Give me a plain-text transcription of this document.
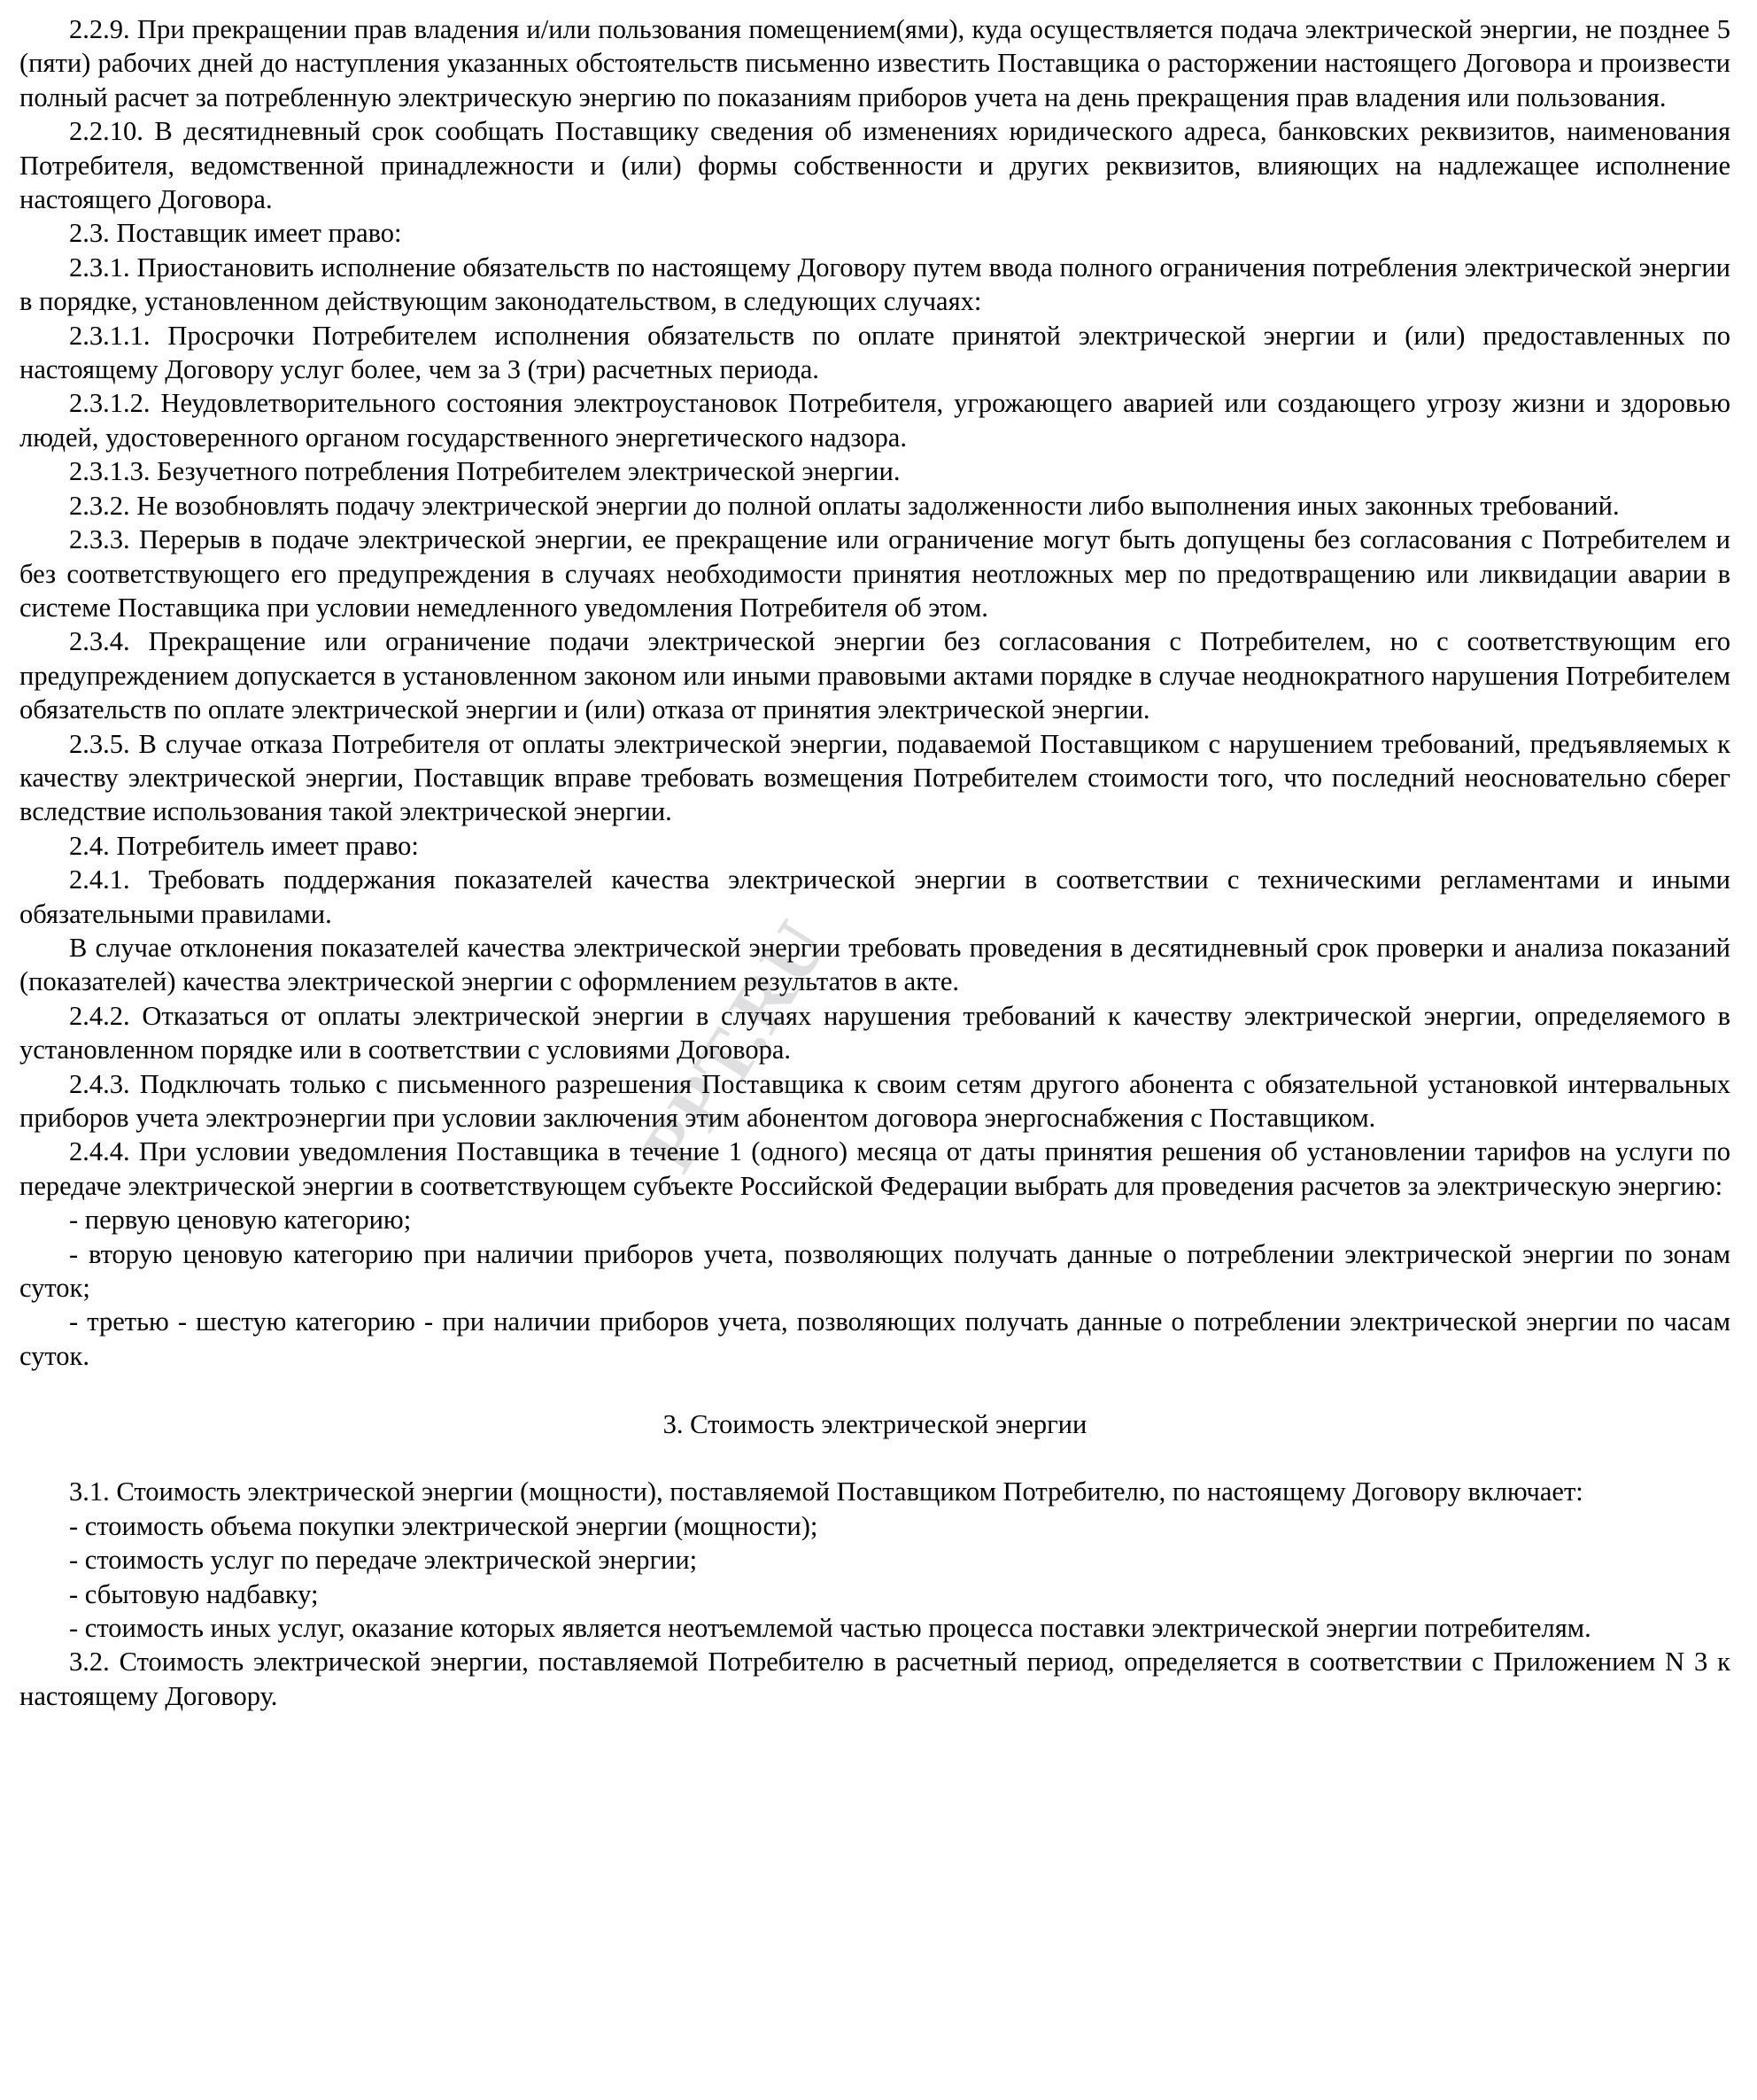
PPT.RU

2.2.9. При прекращении прав владения и/или пользования помещением(ями), куда осуществляется подача электрической энергии, не позднее 5 (пяти) рабочих дней до наступления указанных обстоятельств письменно известить Поставщика о расторжении настоящего Договора и произвести полный расчет за потребленную электрическую энергию по показаниям приборов учета на день прекращения прав владения или пользования.

2.2.10. В десятидневный срок сообщать Поставщику сведения об изменениях юридического адреса, банковских реквизитов, наименования Потребителя, ведомственной принадлежности и (или) формы собственности и других реквизитов, влияющих на надлежащее исполнение настоящего Договора.

2.3. Поставщик имеет право:

2.3.1. Приостановить исполнение обязательств по настоящему Договору путем ввода полного ограничения потребления электрической энергии в порядке, установленном действующим законодательством, в следующих случаях:

2.3.1.1. Просрочки Потребителем исполнения обязательств по оплате принятой электрической энергии и (или) предоставленных по настоящему Договору услуг более, чем за 3 (три) расчетных периода.

2.3.1.2. Неудовлетворительного состояния электроустановок Потребителя, угрожающего аварией или создающего угрозу жизни и здоровью людей, удостоверенного органом государственного энергетического надзора.

2.3.1.3. Безучетного потребления Потребителем электрической энергии.

2.3.2. Не возобновлять подачу электрической энергии до полной оплаты задолженности либо выполнения иных законных требований.

2.3.3. Перерыв в подаче электрической энергии, ее прекращение или ограничение могут быть допущены без согласования с Потребителем и без соответствующего его предупреждения в случаях необходимости принятия неотложных мер по предотвращению или ликвидации аварии в системе Поставщика при условии немедленного уведомления Потребителя об этом.

2.3.4. Прекращение или ограничение подачи электрической энергии без согласования с Потребителем, но с соответствующим его предупреждением допускается в установленном законом или иными правовыми актами порядке в случае неоднократного нарушения Потребителем обязательств по оплате электрической энергии и (или) отказа от принятия электрической энергии.

2.3.5. В случае отказа Потребителя от оплаты электрической энергии, подаваемой Поставщиком с нарушением требований, предъявляемых к качеству электрической энергии, Поставщик вправе требовать возмещения Потребителем стоимости того, что последний неосновательно сберег вследствие использования такой электрической энергии.

2.4. Потребитель имеет право:

2.4.1. Требовать поддержания показателей качества электрической энергии в соответствии с техническими регламентами и иными обязательными правилами.

В случае отклонения показателей качества электрической энергии требовать проведения в десятидневный срок проверки и анализа показаний (показателей) качества электрической энергии с оформлением результатов в акте.

2.4.2. Отказаться от оплаты электрической энергии в случаях нарушения требований к качеству электрической энергии, определяемого в установленном порядке или в соответствии с условиями Договора.

2.4.3. Подключать только с письменного разрешения Поставщика к своим сетям другого абонента с обязательной установкой интервальных приборов учета электроэнергии при условии заключения этим абонентом договора энергоснабжения с Поставщиком.

2.4.4. При условии уведомления Поставщика в течение 1 (одного) месяца от даты принятия решения об установлении тарифов на услуги по передаче электрической энергии в соответствующем субъекте Российской Федерации выбрать для проведения расчетов за электрическую энергию:

- первую ценовую категорию;

- вторую ценовую категорию при наличии приборов учета, позволяющих получать данные о потреблении электрической энергии по зонам суток;

- третью - шестую категорию - при наличии приборов учета, позволяющих получать данные о потреблении электрической энергии по часам суток.

3. Стоимость электрической энергии

3.1. Стоимость электрической энергии (мощности), поставляемой Поставщиком Потребителю, по настоящему Договору включает:

- стоимость объема покупки электрической энергии (мощности);

- стоимость услуг по передаче электрической энергии;

- сбытовую надбавку;

- стоимость иных услуг, оказание которых является неотъемлемой частью процесса поставки электрической энергии потребителям.

3.2. Стоимость электрической энергии, поставляемой Потребителю в расчетный период, определяется в соответствии с Приложением N 3 к настоящему Договору.
